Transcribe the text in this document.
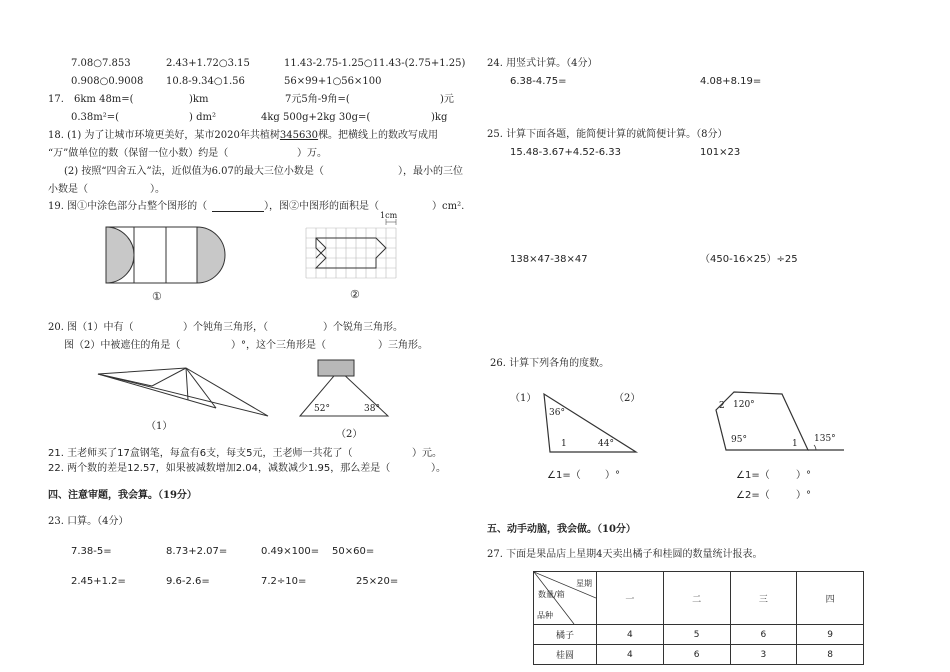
7.08○7.853	2.43+1.72○3.15	11.43-2.75-1.25○11.43-(2.75+1.25)
0.908○0.9008 10.8-9.34○1.56	56×99+1○56×100
17. 6km 48m=(	)km	7元5角-9角=(	)元
0.38m²=(	) dm²	4kg 500g+2kg 30g=(	)kg
18. (1) 为了让城市环境更美好，某市2020年共植树345630棵。把横线上的数改写成用
“万”做单位的数（保留一位小数）约是（	）万。
(2) 按照“四舍五入”法，近似值为6.07的最大三位小数是（	），最小的三位
小数是（	）。
19. 图①中涂色部分占整个图形的（	），图②中图形的面积是（	）cm².
①
1cm
②
20. 图（1）中有（	）个钝角三角形，（	）个锐角三角形。
图（2）中被遮住的角是（	）°，这个三角形是（	）三角形。
（1）
52°	38°
（2）
21. 王老师买了17盒钢笔，每盒有6支，每支5元，王老师一共花了（	）元。
22. 两个数的差是12.57，如果被减数增加2.04，减数减少1.95，那么差是（	）。
四、注意审题，我会算。（19分）
23. 口算。（4分）
7.38-5=	8.73+2.07=	0.49×100= 50×60=
2.45+1.2=	9.6-2.6=	7.2÷10=	25×20=
24. 用竖式计算。（4分）
6.38-4.75=	4.08+8.19=
25. 计算下面各题，能简便计算的就简便计算。（8分）
15.48-3.67+4.52-6.33	101×23
138×47-38×47	（450-16×25）÷25
26. 计算下列各角的度数。
（1）	（2）
36°
1	44°
2 120°
95°	1 135°
∠1=（ ）°	∠1=（	）°
∠2=（	）°
五、动手动脑，我会做。（10分）
27. 下面是果品店上星期4天卖出橘子和桂圆的数量统计报表。
星期
数量/箱
品种	一	二	三	四
橘子	4	5	6	9
桂圆	4	6	3	8
